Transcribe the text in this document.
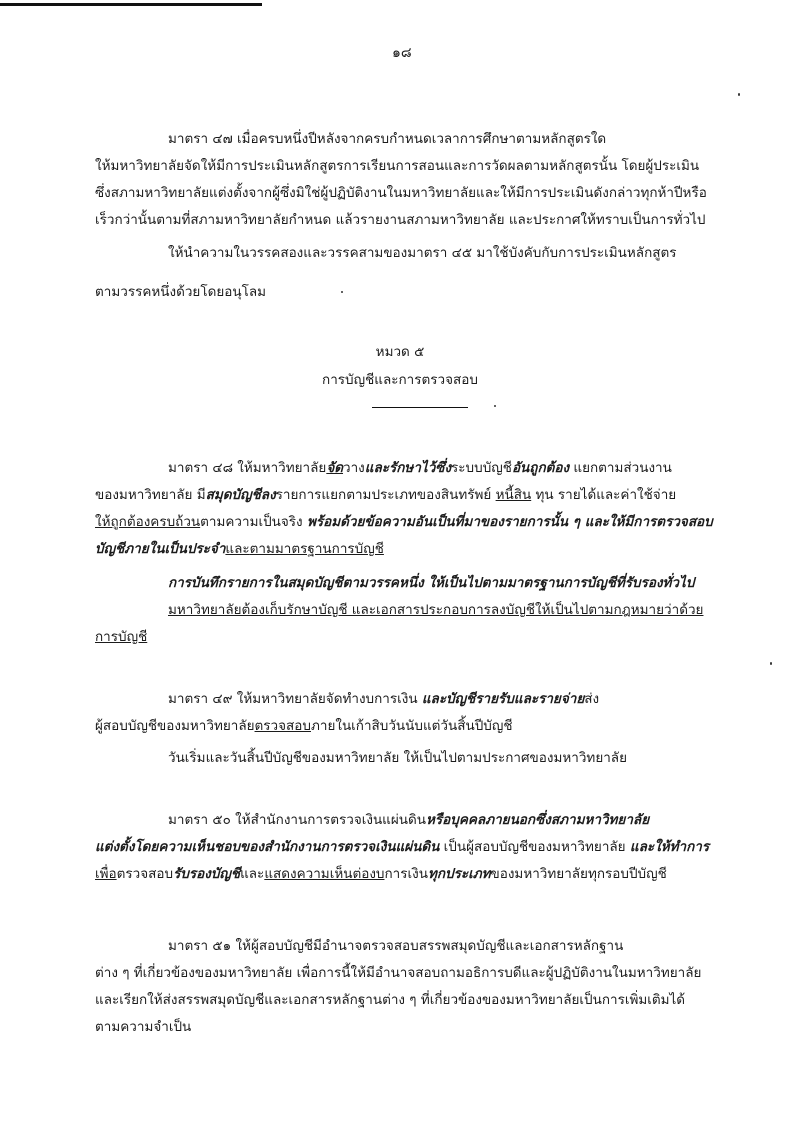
๑๘
มาตรา ๔๗ เมื่อครบหนึ่งปีหลังจากครบกำหนดเวลาการศึกษาตามหลักสูตรใด
ให้มหาวิทยาลัยจัดให้มีการประเมินหลักสูตรการเรียนการสอนและการวัดผลตามหลักสูตรนั้น โดยผู้ประเมิน
ซึ่งสภามหาวิทยาลัยแต่งตั้งจากผู้ซึ่งมิใช่ผู้ปฏิบัติงานในมหาวิทยาลัยและให้มีการประเมินดังกล่าวทุกห้าปีหรือ
เร็วกว่านั้นตามที่สภามหาวิทยาลัยกำหนด แล้วรายงานสภามหาวิทยาลัย และประกาศให้ทราบเป็นการทั่วไป
ให้นำความในวรรคสองและวรรคสามของมาตรา ๔๕ มาใช้บังคับกับการประเมินหลักสูตร
ตามวรรคหนึ่งด้วยโดยอนุโลม
หมวด ๕
การบัญชีและการตรวจสอบ
มาตรา ๔๘ ให้มหาวิทยาลัยจัดวางและรักษาไว้ซึ่งระบบบัญชีอันถูกต้อง แยกตามส่วนงาน
ของมหาวิทยาลัย มีสมุดบัญชีลงรายการแยกตามประเภทของสินทรัพย์ หนี้สิน ทุน รายได้และค่าใช้จ่าย
ให้ถูกต้องครบถ้วนตามความเป็นจริง พร้อมด้วยข้อความอันเป็นที่มาของรายการนั้น ๆ และให้มีการตรวจสอบ
บัญชีภายในเป็นประจำและตามมาตรฐานการบัญชี
การบันทึกรายการในสมุดบัญชีตามวรรคหนึ่ง ให้เป็นไปตามมาตรฐานการบัญชีที่รับรองทั่วไป
มหาวิทยาลัยต้องเก็บรักษาบัญชี และเอกสารประกอบการลงบัญชีให้เป็นไปตามกฎหมายว่าด้วย
การบัญชี
มาตรา ๔๙ ให้มหาวิทยาลัยจัดทำงบการเงิน และบัญชีรายรับและรายจ่ายส่ง
ผู้สอบบัญชีของมหาวิทยาลัยตรวจสอบภายในเก้าสิบวันนับแต่วันสิ้นปีบัญชี
วันเริ่มและวันสิ้นปีบัญชีของมหาวิทยาลัย ให้เป็นไปตามประกาศของมหาวิทยาลัย
มาตรา ๕๐ ให้สำนักงานการตรวจเงินแผ่นดินหรือบุคคลภายนอกซึ่งสภามหาวิทยาลัย
แต่งตั้งโดยความเห็นชอบของสำนักงานการตรวจเงินแผ่นดิน เป็นผู้สอบบัญชีของมหาวิทยาลัย และให้ทำการ
เพื่อตรวจสอบรับรองบัญชีและแสดงความเห็นต่องบการเงินทุกประเภทของมหาวิทยาลัยทุกรอบปีบัญชี
มาตรา ๕๑ ให้ผู้สอบบัญชีมีอำนาจตรวจสอบสรรพสมุดบัญชีและเอกสารหลักฐาน
ต่าง ๆ ที่เกี่ยวข้องของมหาวิทยาลัย เพื่อการนี้ให้มีอำนาจสอบถามอธิการบดีและผู้ปฏิบัติงานในมหาวิทยาลัย
และเรียกให้ส่งสรรพสมุดบัญชีและเอกสารหลักฐานต่าง ๆ ที่เกี่ยวข้องของมหาวิทยาลัยเป็นการเพิ่มเติมได้
ตามความจำเป็น
